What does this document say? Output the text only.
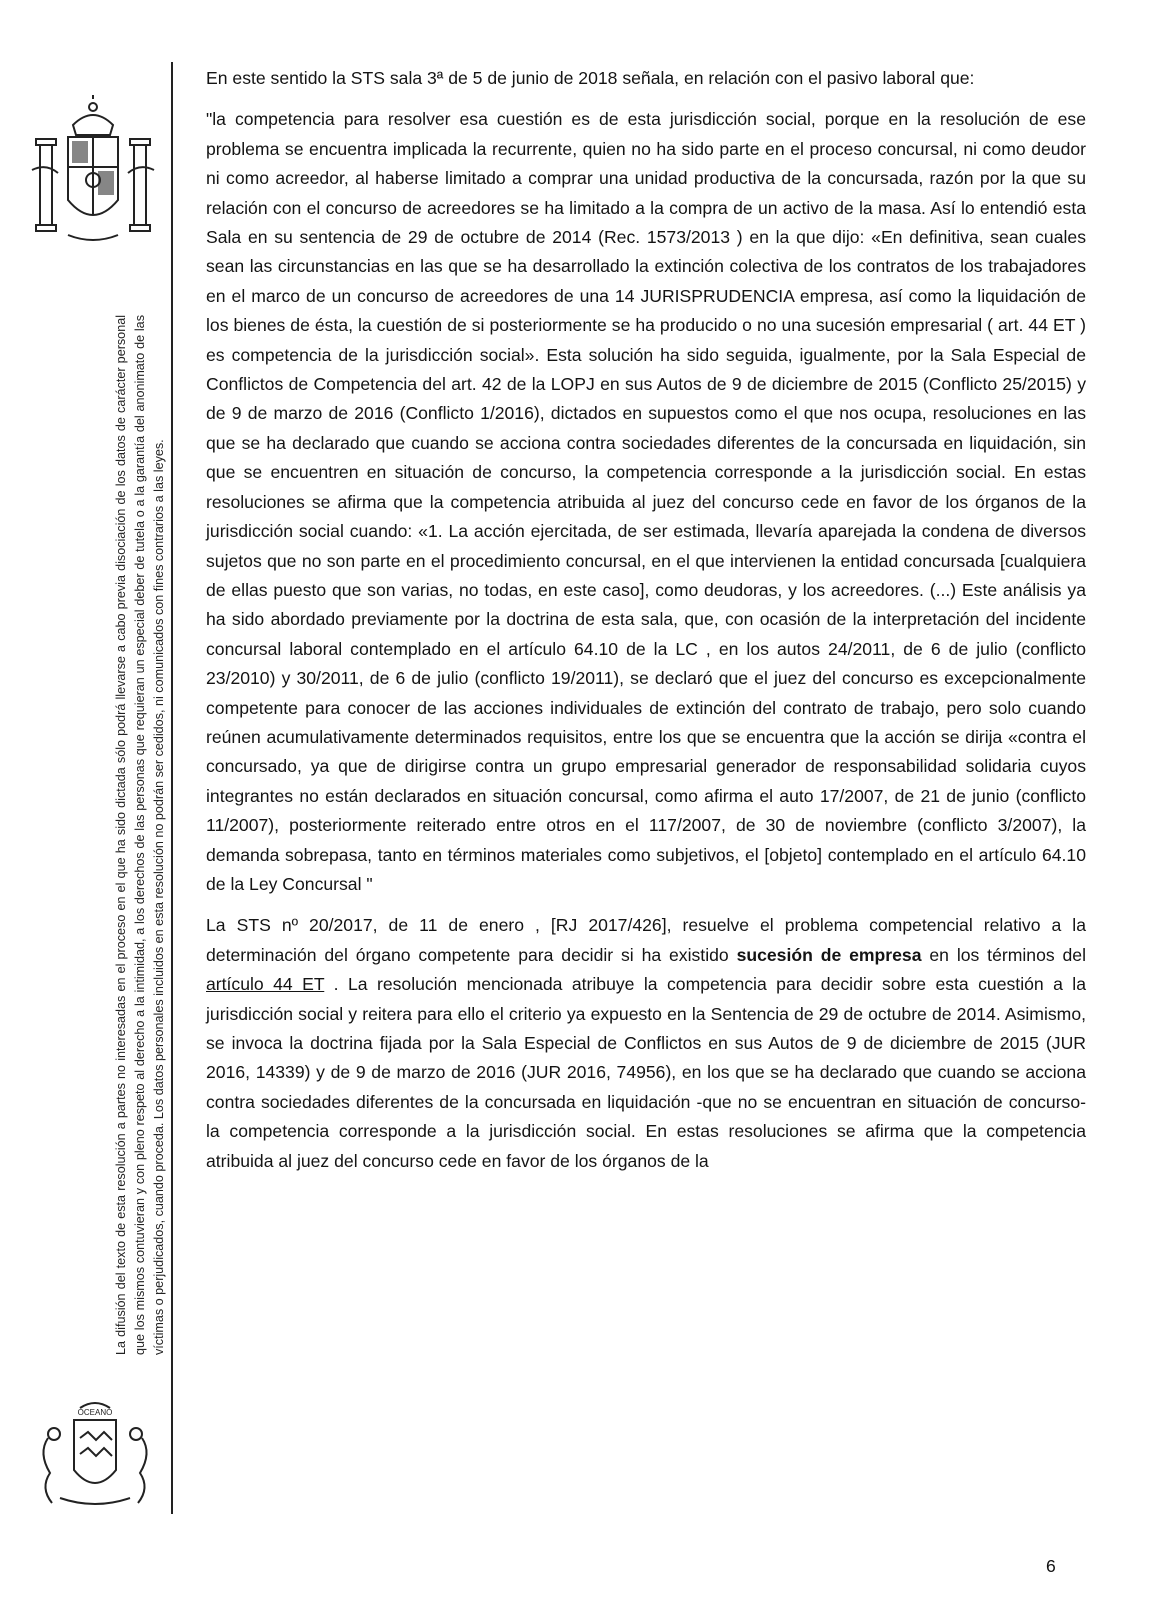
OCEANO
La difusión del texto de esta resolución a partes no interesadas en el proceso en el que ha sido dictada sólo podrá llevarse a cabo previa disociación de los datos de carácter personal que los mismos contuvieran y con pleno respeto al derecho a la intimidad, a los derechos de las personas que requieran un especial deber de tutela o a la garantía del anonimato de las víctimas o perjudicados, cuando proceda. Los datos personales incluidos en esta resolución no podrán ser cedidos, ni comunicados con fines contrarios a las leyes.

En este sentido la STS sala 3ª de 5 de junio de 2018 señala, en relación con el pasivo laboral que:

"la competencia para resolver esa cuestión es de esta jurisdicción social, porque en la resolución de ese problema se encuentra implicada la recurrente, quien no ha sido parte en el proceso concursal, ni como deudor ni como acreedor, al haberse limitado a comprar una unidad productiva de la concursada, razón por la que su relación con el concurso de acreedores se ha limitado a la compra de un activo de la masa. Así lo entendió esta Sala en su sentencia de 29 de octubre de 2014 (Rec. 1573/2013 ) en la que dijo: «En definitiva, sean cuales sean las circunstancias en las que se ha desarrollado la extinción colectiva de los contratos de los trabajadores en el marco de un concurso de acreedores de una 14 JURISPRUDENCIA empresa, así como la liquidación de los bienes de ésta, la cuestión de si posteriormente se ha producido o no una sucesión empresarial ( art. 44 ET ) es competencia de la jurisdicción social». Esta solución ha sido seguida, igualmente, por la Sala Especial de Conflictos de Competencia del art. 42 de la LOPJ en sus Autos de 9 de diciembre de 2015 (Conflicto 25/2015) y de 9 de marzo de 2016 (Conflicto 1/2016), dictados en supuestos como el que nos ocupa, resoluciones en las que se ha declarado que cuando se acciona contra sociedades diferentes de la concursada en liquidación, sin que se encuentren en situación de concurso, la competencia corresponde a la jurisdicción social. En estas resoluciones se afirma que la competencia atribuida al juez del concurso cede en favor de los órganos de la jurisdicción social cuando: «1. La acción ejercitada, de ser estimada, llevaría aparejada la condena de diversos sujetos que no son parte en el procedimiento concursal, en el que intervienen la entidad concursada [cualquiera de ellas puesto que son varias, no todas, en este caso], como deudoras, y los acreedores. (...) Este análisis ya ha sido abordado previamente por la doctrina de esta sala, que, con ocasión de la interpretación del incidente concursal laboral contemplado en el artículo 64.10 de la LC , en los autos 24/2011, de 6 de julio (conflicto 23/2010) y 30/2011, de 6 de julio (conflicto 19/2011), se declaró que el juez del concurso es excepcionalmente competente para conocer de las acciones individuales de extinción del contrato de trabajo, pero solo cuando reúnen acumulativamente determinados requisitos, entre los que se encuentra que la acción se dirija «contra el concursado, ya que de dirigirse contra un grupo empresarial generador de responsabilidad solidaria cuyos integrantes no están declarados en situación concursal, como afirma el auto 17/2007, de 21 de junio (conflicto 11/2007), posteriormente reiterado entre otros en el 117/2007, de 30 de noviembre (conflicto 3/2007), la demanda sobrepasa, tanto en términos materiales como subjetivos, el [objeto] contemplado en el artículo 64.10 de la Ley Concursal "

La STS nº 20/2017, de 11 de enero , [RJ 2017/426], resuelve el problema competencial relativo a la determinación del órgano competente para decidir si ha existido sucesión de empresa en los términos del artículo 44 ET . La resolución mencionada atribuye la competencia para decidir sobre esta cuestión a la jurisdicción social y reitera para ello el criterio ya expuesto en la Sentencia de 29 de octubre de 2014. Asimismo, se invoca la doctrina fijada por la Sala Especial de Conflictos en sus Autos de 9 de diciembre de 2015 (JUR 2016, 14339) y de 9 de marzo de 2016 (JUR 2016, 74956), en los que se ha declarado que cuando se acciona contra sociedades diferentes de la concursada en liquidación -que no se encuentran en situación de concurso- la competencia corresponde a la jurisdicción social. En estas resoluciones se afirma que la competencia atribuida al juez del concurso cede en favor de los órganos de la

6
